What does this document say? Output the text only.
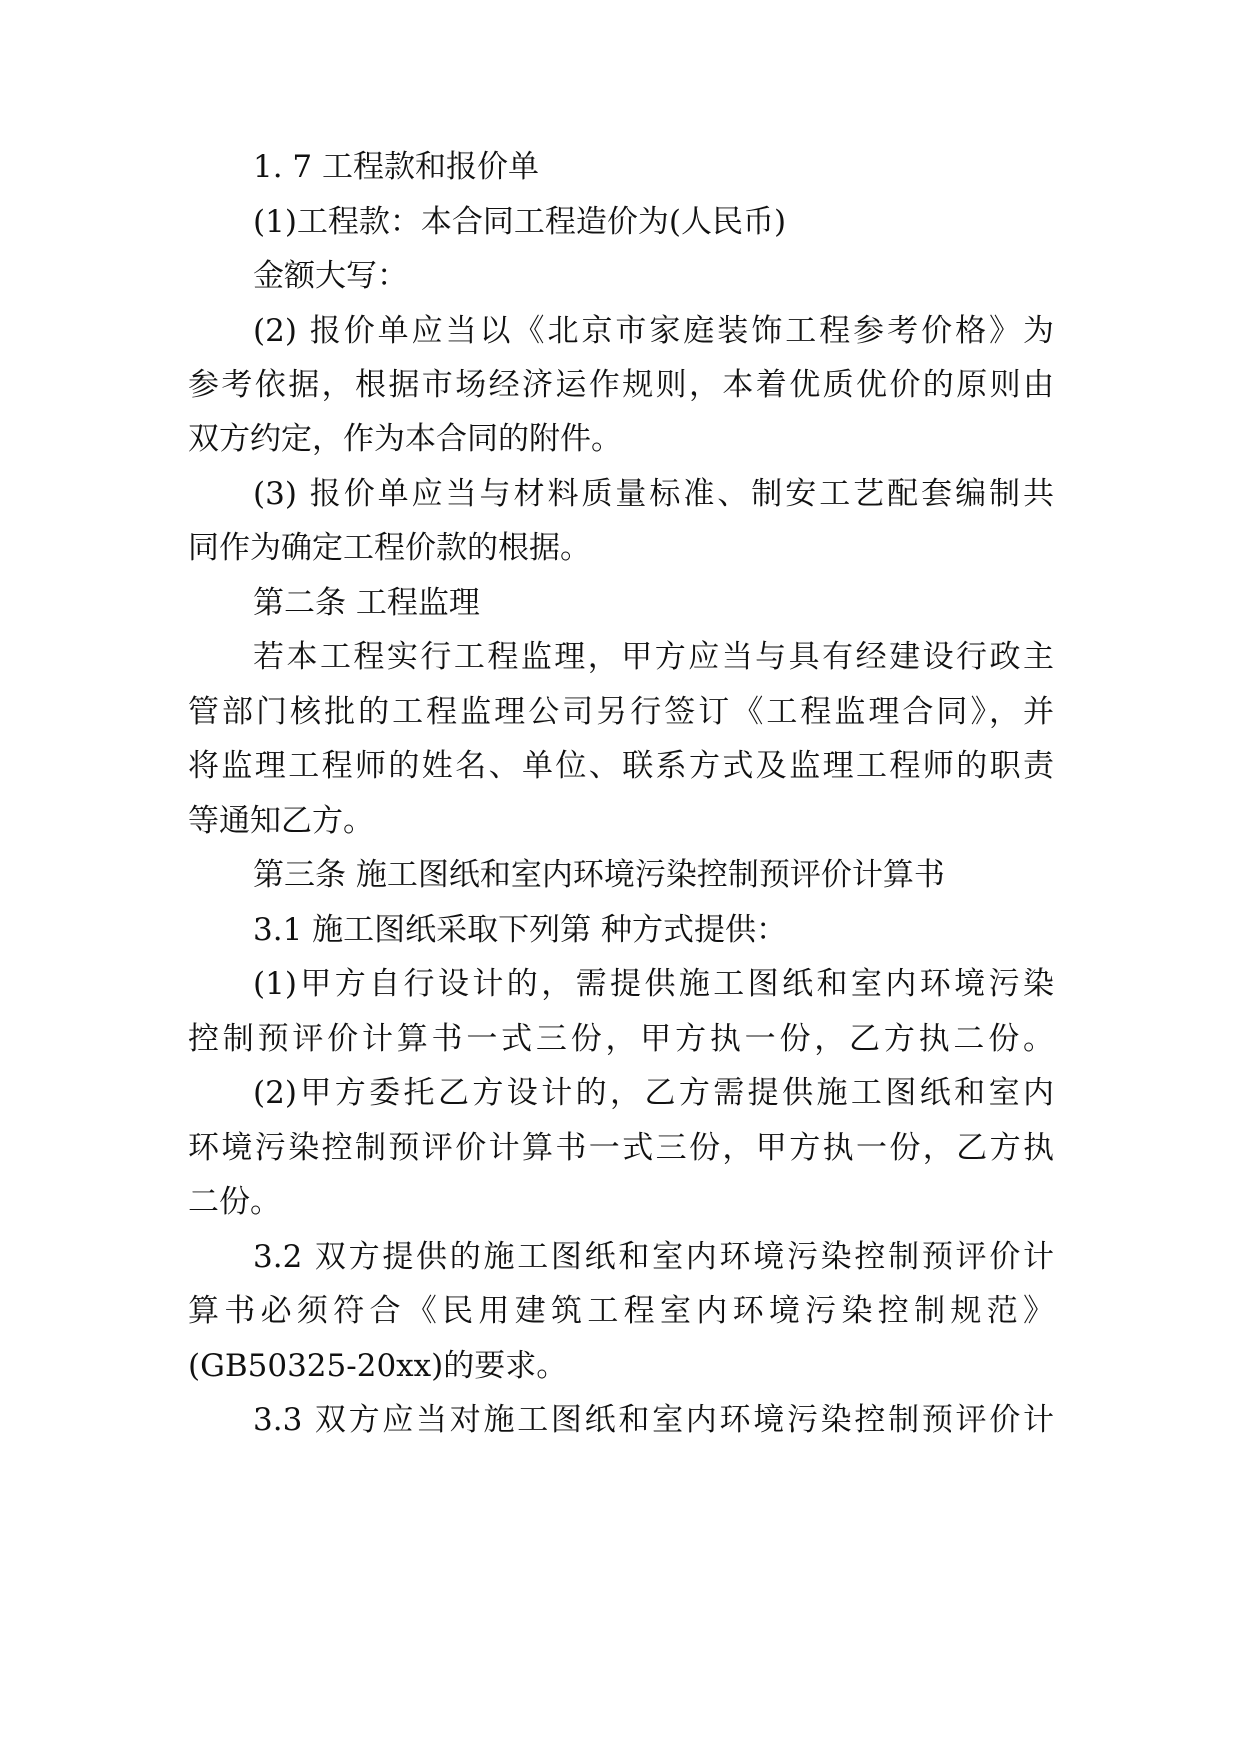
1. 7 工程款和报价单
(1)工程款：本合同工程造价为(人民币)
金额大写：
(2) 报价单应当以《北京市家庭装饰工程参考价格》为
参考依据，根据市场经济运作规则，本着优质优价的原则由
双方约定，作为本合同的附件。
(3) 报价单应当与材料质量标准、制安工艺配套编制共
同作为确定工程价款的根据。
第二条 工程监理
若本工程实行工程监理，甲方应当与具有经建设行政主
管部门核批的工程监理公司另行签订《工程监理合同》，并
将监理工程师的姓名、单位、联系方式及监理工程师的职责
等通知乙方。
第三条 施工图纸和室内环境污染控制预评价计算书
3.1 施工图纸采取下列第 种方式提供：
(1)甲方自行设计的，需提供施工图纸和室内环境污染
控制预评价计算书一式三份，甲方执一份，乙方执二份。
(2)甲方委托乙方设计的，乙方需提供施工图纸和室内
环境污染控制预评价计算书一式三份，甲方执一份，乙方执
二份。
3.2 双方提供的施工图纸和室内环境污染控制预评价计
算书必须符合《民用建筑工程室内环境污染控制规范》
(GB50325-20xx)的要求。
3.3 双方应当对施工图纸和室内环境污染控制预评价计
